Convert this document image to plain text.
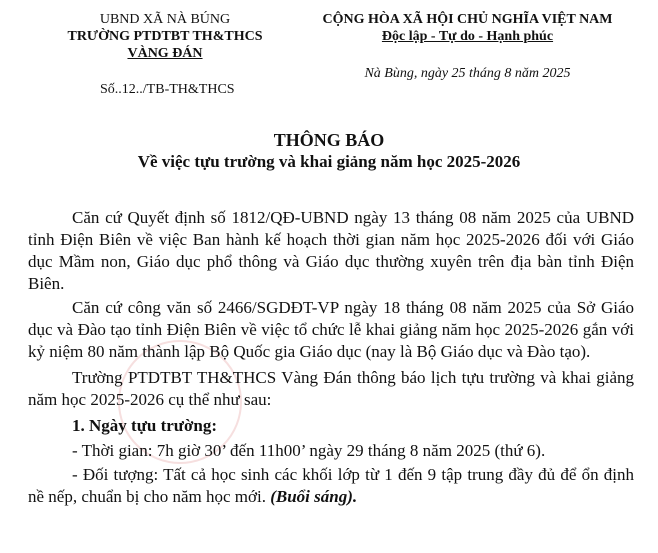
UBND XÃ NÀ BÚNG
TRƯỜNG PTDTBT TH&THCS
VÀNG ĐÁN
Số..12../TB-TH&THCS
CỘNG HÒA XÃ HỘI CHỦ NGHĨA VIỆT NAM
Độc lập - Tự do - Hạnh phúc
Nà Bùng, ngày 25 tháng 8 năm 2025
THÔNG BÁO
Về việc tựu trường và khai giảng năm học 2025-2026
Căn cứ Quyết định số 1812/QĐ-UBND ngày 13 tháng 08 năm 2025 của UBND tỉnh Điện Biên về việc Ban hành kế hoạch thời gian năm học 2025-2026 đối với Giáo dục Mầm non, Giáo dục phổ thông và Giáo dục thường xuyên trên địa bàn tỉnh Điện Biên.
Căn cứ công văn số 2466/SGDĐT-VP ngày 18 tháng 08 năm 2025 của Sở Giáo dục và Đào tạo tỉnh Điện Biên về việc tổ chức lễ khai giảng năm học 2025-2026 gắn với kỷ niệm 80 năm thành lập Bộ Quốc gia Giáo dục (nay là Bộ Giáo dục và Đào tạo).
Trường PTDTBT TH&THCS Vàng Đán thông báo lịch tựu trường và khai giảng năm học 2025-2026 cụ thể như sau:
1. Ngày tựu trường:
- Thời gian: 7h giờ 30’ đến 11h00’ ngày 29 tháng 8 năm 2025 (thứ 6).
- Đối tượng: Tất cả học sinh các khối lớp từ 1 đến 9 tập trung đầy đủ để ổn định nề nếp, chuẩn bị cho năm học mới. (Buổi sáng).
